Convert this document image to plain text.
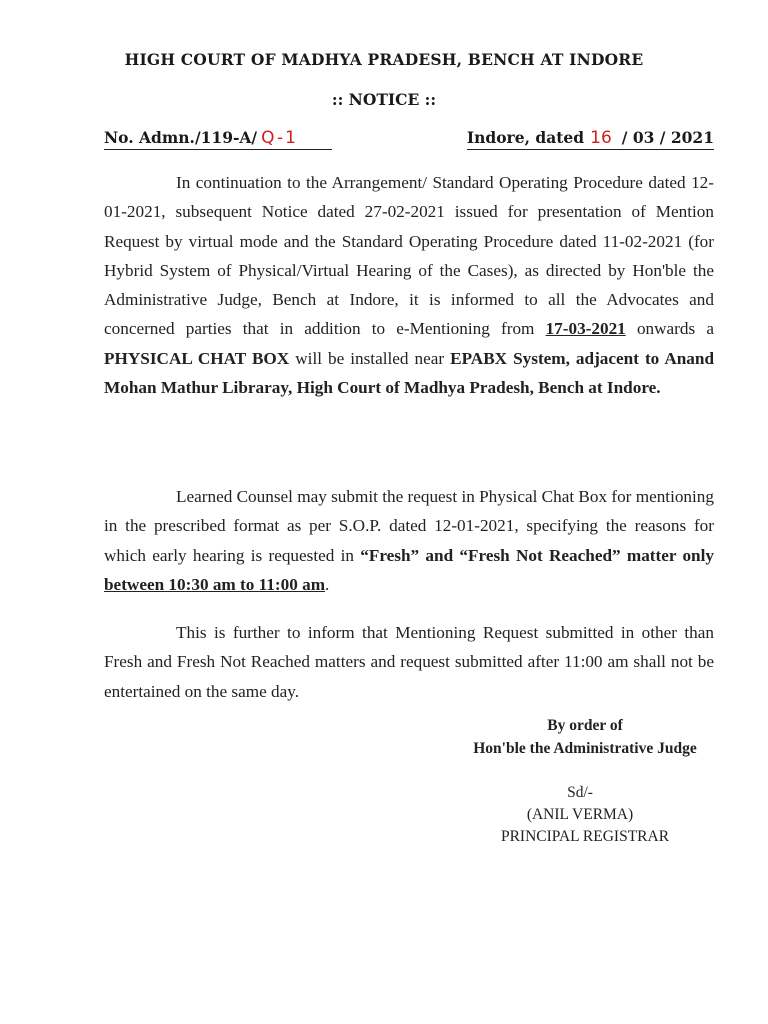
HIGH COURT OF MADHYA PRADESH, BENCH AT INDORE
:: NOTICE ::
No. Admn./119-A/ Q-1	Indore, dated 16 / 03 / 2021
In continuation to the Arrangement/ Standard Operating Procedure dated 12-01-2021, subsequent Notice dated 27-02-2021 issued for presentation of Mention Request by virtual mode and the Standard Operating Procedure dated 11-02-2021 (for Hybrid System of Physical/Virtual Hearing of the Cases), as directed by Hon'ble the Administrative Judge, Bench at Indore, it is informed to all the Advocates and concerned parties that in addition to e-Mentioning from 17-03-2021 onwards a PHYSICAL CHAT BOX will be installed near EPABX System, adjacent to Anand Mohan Mathur Libraray, High Court of Madhya Pradesh, Bench at Indore.
Learned Counsel may submit the request in Physical Chat Box for mentioning in the prescribed format as per S.O.P. dated 12-01-2021, specifying the reasons for which early hearing is requested in “Fresh” and “Fresh Not Reached” matter only between 10:30 am to 11:00 am.
This is further to inform that Mentioning Request submitted in other than Fresh and Fresh Not Reached matters and request submitted after 11:00 am shall not be entertained on the same day.
By order of
Hon'ble the Administrative Judge
Sd/-
(ANIL VERMA)
PRINCIPAL REGISTRAR
